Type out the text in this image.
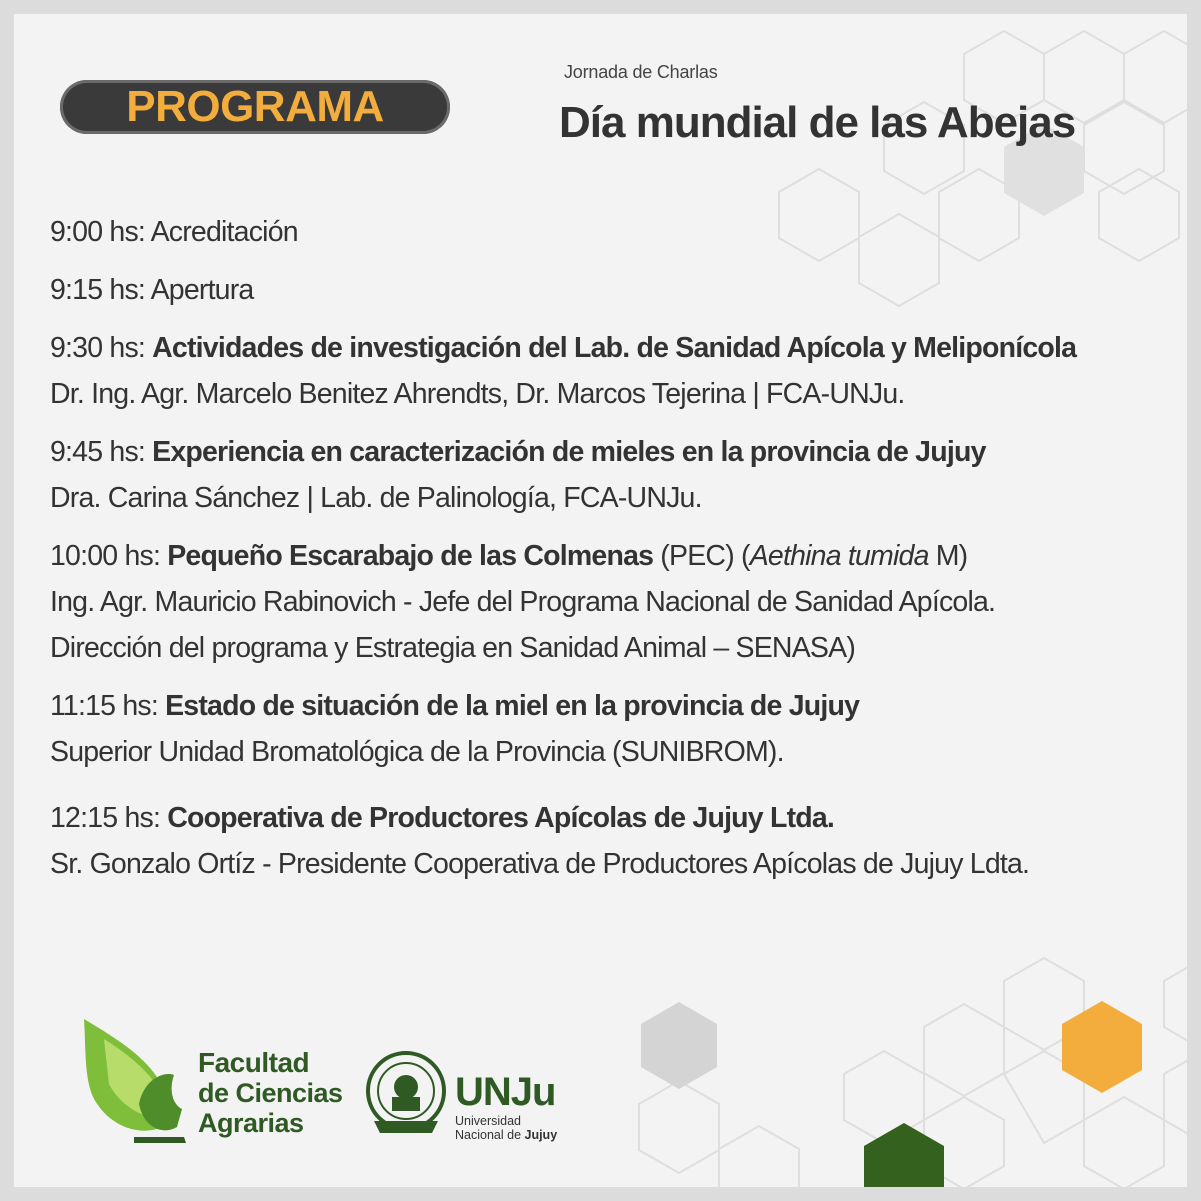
PROGRAMA
Jornada de Charlas
Día mundial de las Abejas
9:00 hs: Acreditación
9:15 hs: Apertura
9:30 hs: Actividades de investigación del Lab. de Sanidad Apícola y Meliponícola
Dr. Ing. Agr. Marcelo Benitez Ahrendts, Dr. Marcos Tejerina | FCA-UNJu.
9:45 hs: Experiencia en caracterización de mieles en la provincia de Jujuy
Dra. Carina Sánchez | Lab. de Palinología, FCA-UNJu.
10:00 hs: Pequeño Escarabajo de las Colmenas (PEC) (Aethina tumida M)
Ing. Agr. Mauricio Rabinovich - Jefe del Programa Nacional de Sanidad Apícola.
Dirección del programa y Estrategia en Sanidad Animal – SENASA)
11:15 hs: Estado de situación de la miel en la provincia de Jujuy
Superior Unidad Bromatológica de la Provincia (SUNIBROM).
12:15 hs: Cooperativa de Productores Apícolas de Jujuy Ltda.
Sr. Gonzalo Ortíz - Presidente Cooperativa de Productores Apícolas de Jujuy Ldta.
Facultad
de Ciencias
Agrarias
UNJu
Universidad
Nacional de Jujuy
